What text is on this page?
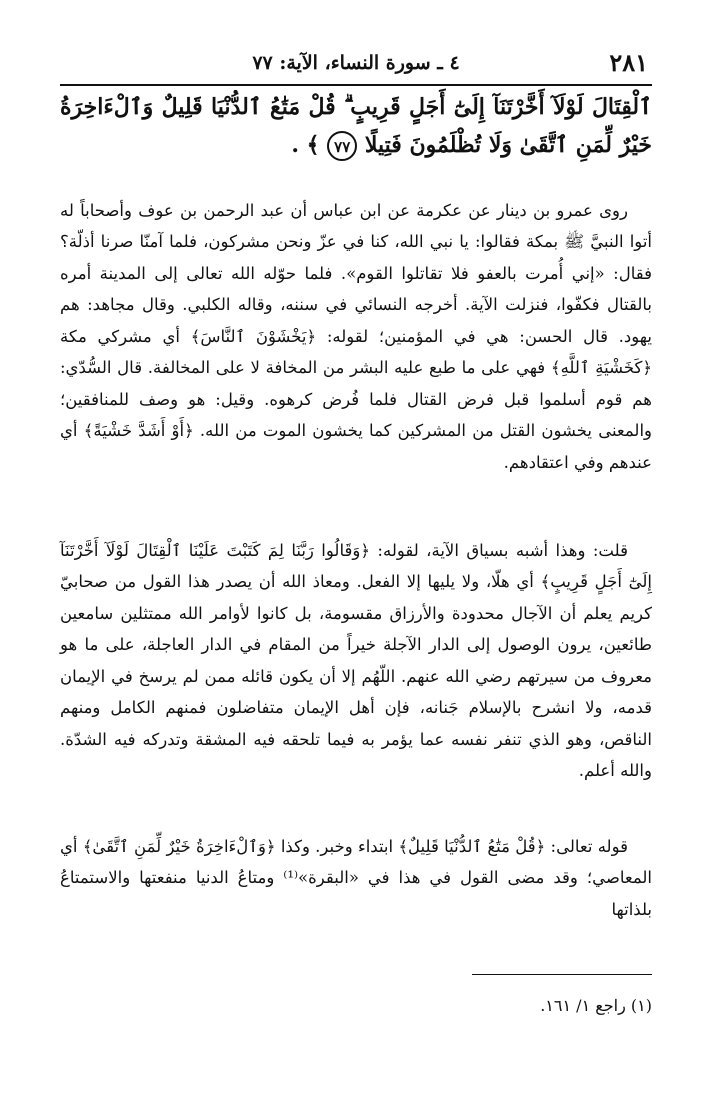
٢٨١
٤ ـ سورة النساء، الآية: ٧٧
ٱلْقِتَالَ لَوْلَآ أَخَّرْتَنَآ إِلَىٰٓ أَجَلٍ قَرِيبٍ ۗ قُلْ مَتَٰعُ ٱلدُّنْيَا قَلِيلٌ وَٱلْءَاخِرَةُ خَيْرٌ لِّمَنِ ٱتَّقَىٰ وَلَا تُظْلَمُونَ فَتِيلًا ٧٧ ﴾ .

روى عمرو بن دينار عن عكرمة عن ابن عباس أن عبد الرحمن بن عوف وأصحاباً له أتوا النبيَّ ﷺ بمكة فقالوا: يا نبي الله، كنا في عزّ ونحن مشركون، فلما آمنّا صرنا أذلّة؟ فقال: «إني أُمرت بالعفو فلا تقاتلوا القوم». فلما حوّله الله تعالى إلى المدينة أمره بالقتال فكفّوا، فنزلت الآية. أخرجه النسائي في سننه، وقاله الكلبي. وقال مجاهد: هم يهود. قال الحسن: هي في المؤمنين؛ لقوله: ﴿يَخْشَوْنَ ٱلنَّاسَ﴾ أي مشركي مكة ﴿كَخَشْيَةِ ٱللَّهِ﴾ فهي على ما طبع عليه البشر من المخافة لا على المخالفة. قال السُّدّي: هم قوم أسلموا قبل فرض القتال فلما فُرض كرهوه. وقيل: هو وصف للمنافقين؛ والمعنى يخشون القتل من المشركين كما يخشون الموت من الله. ﴿أَوْ أَشَدَّ خَشْيَةً﴾ أي عندهم وفي اعتقادهم.

قلت: وهذا أشبه بسياق الآية، لقوله: ﴿وَقَالُوا رَبَّنَا لِمَ كَتَبْتَ عَلَيْنَا ٱلْقِتَالَ لَوْلَآ أَخَّرْتَنَآ إِلَىٰٓ أَجَلٍ قَرِيبٍ﴾ أي هلّا، ولا يليها إلا الفعل. ومعاذ الله أن يصدر هذا القول من صحابيّ كريم يعلم أن الآجال محدودة والأرزاق مقسومة، بل كانوا لأوامر الله ممتثلين سامعين طائعين، يرون الوصول إلى الدار الآجلة خيراً من المقام في الدار العاجلة، على ما هو معروف من سيرتهم رضي الله عنهم. اللّهُم إلا أن يكون قائله ممن لم يرسخ في الإيمان قدمه، ولا انشرح بالإسلام جَنانه، فإن أهل الإيمان متفاضلون فمنهم الكامل ومنهم الناقص، وهو الذي تنفر نفسه عما يؤمر به فيما تلحقه فيه المشقة وتدركه فيه الشدّة. والله أعلم.

قوله تعالى: ﴿قُلْ مَتَٰعُ ٱلدُّنْيَا قَلِيلٌ﴾ ابتداء وخبر. وكذا ﴿وَٱلْءَاخِرَةُ خَيْرٌ لِّمَنِ ٱتَّقَىٰ﴾ أي المعاصي؛ وقد مضى القول في هذا في «البقرة»⁽¹⁾ ومتاعُ الدنيا منفعتها والاستمتاعُ بلذاتها

(١) راجع ١/ ١٦١.
